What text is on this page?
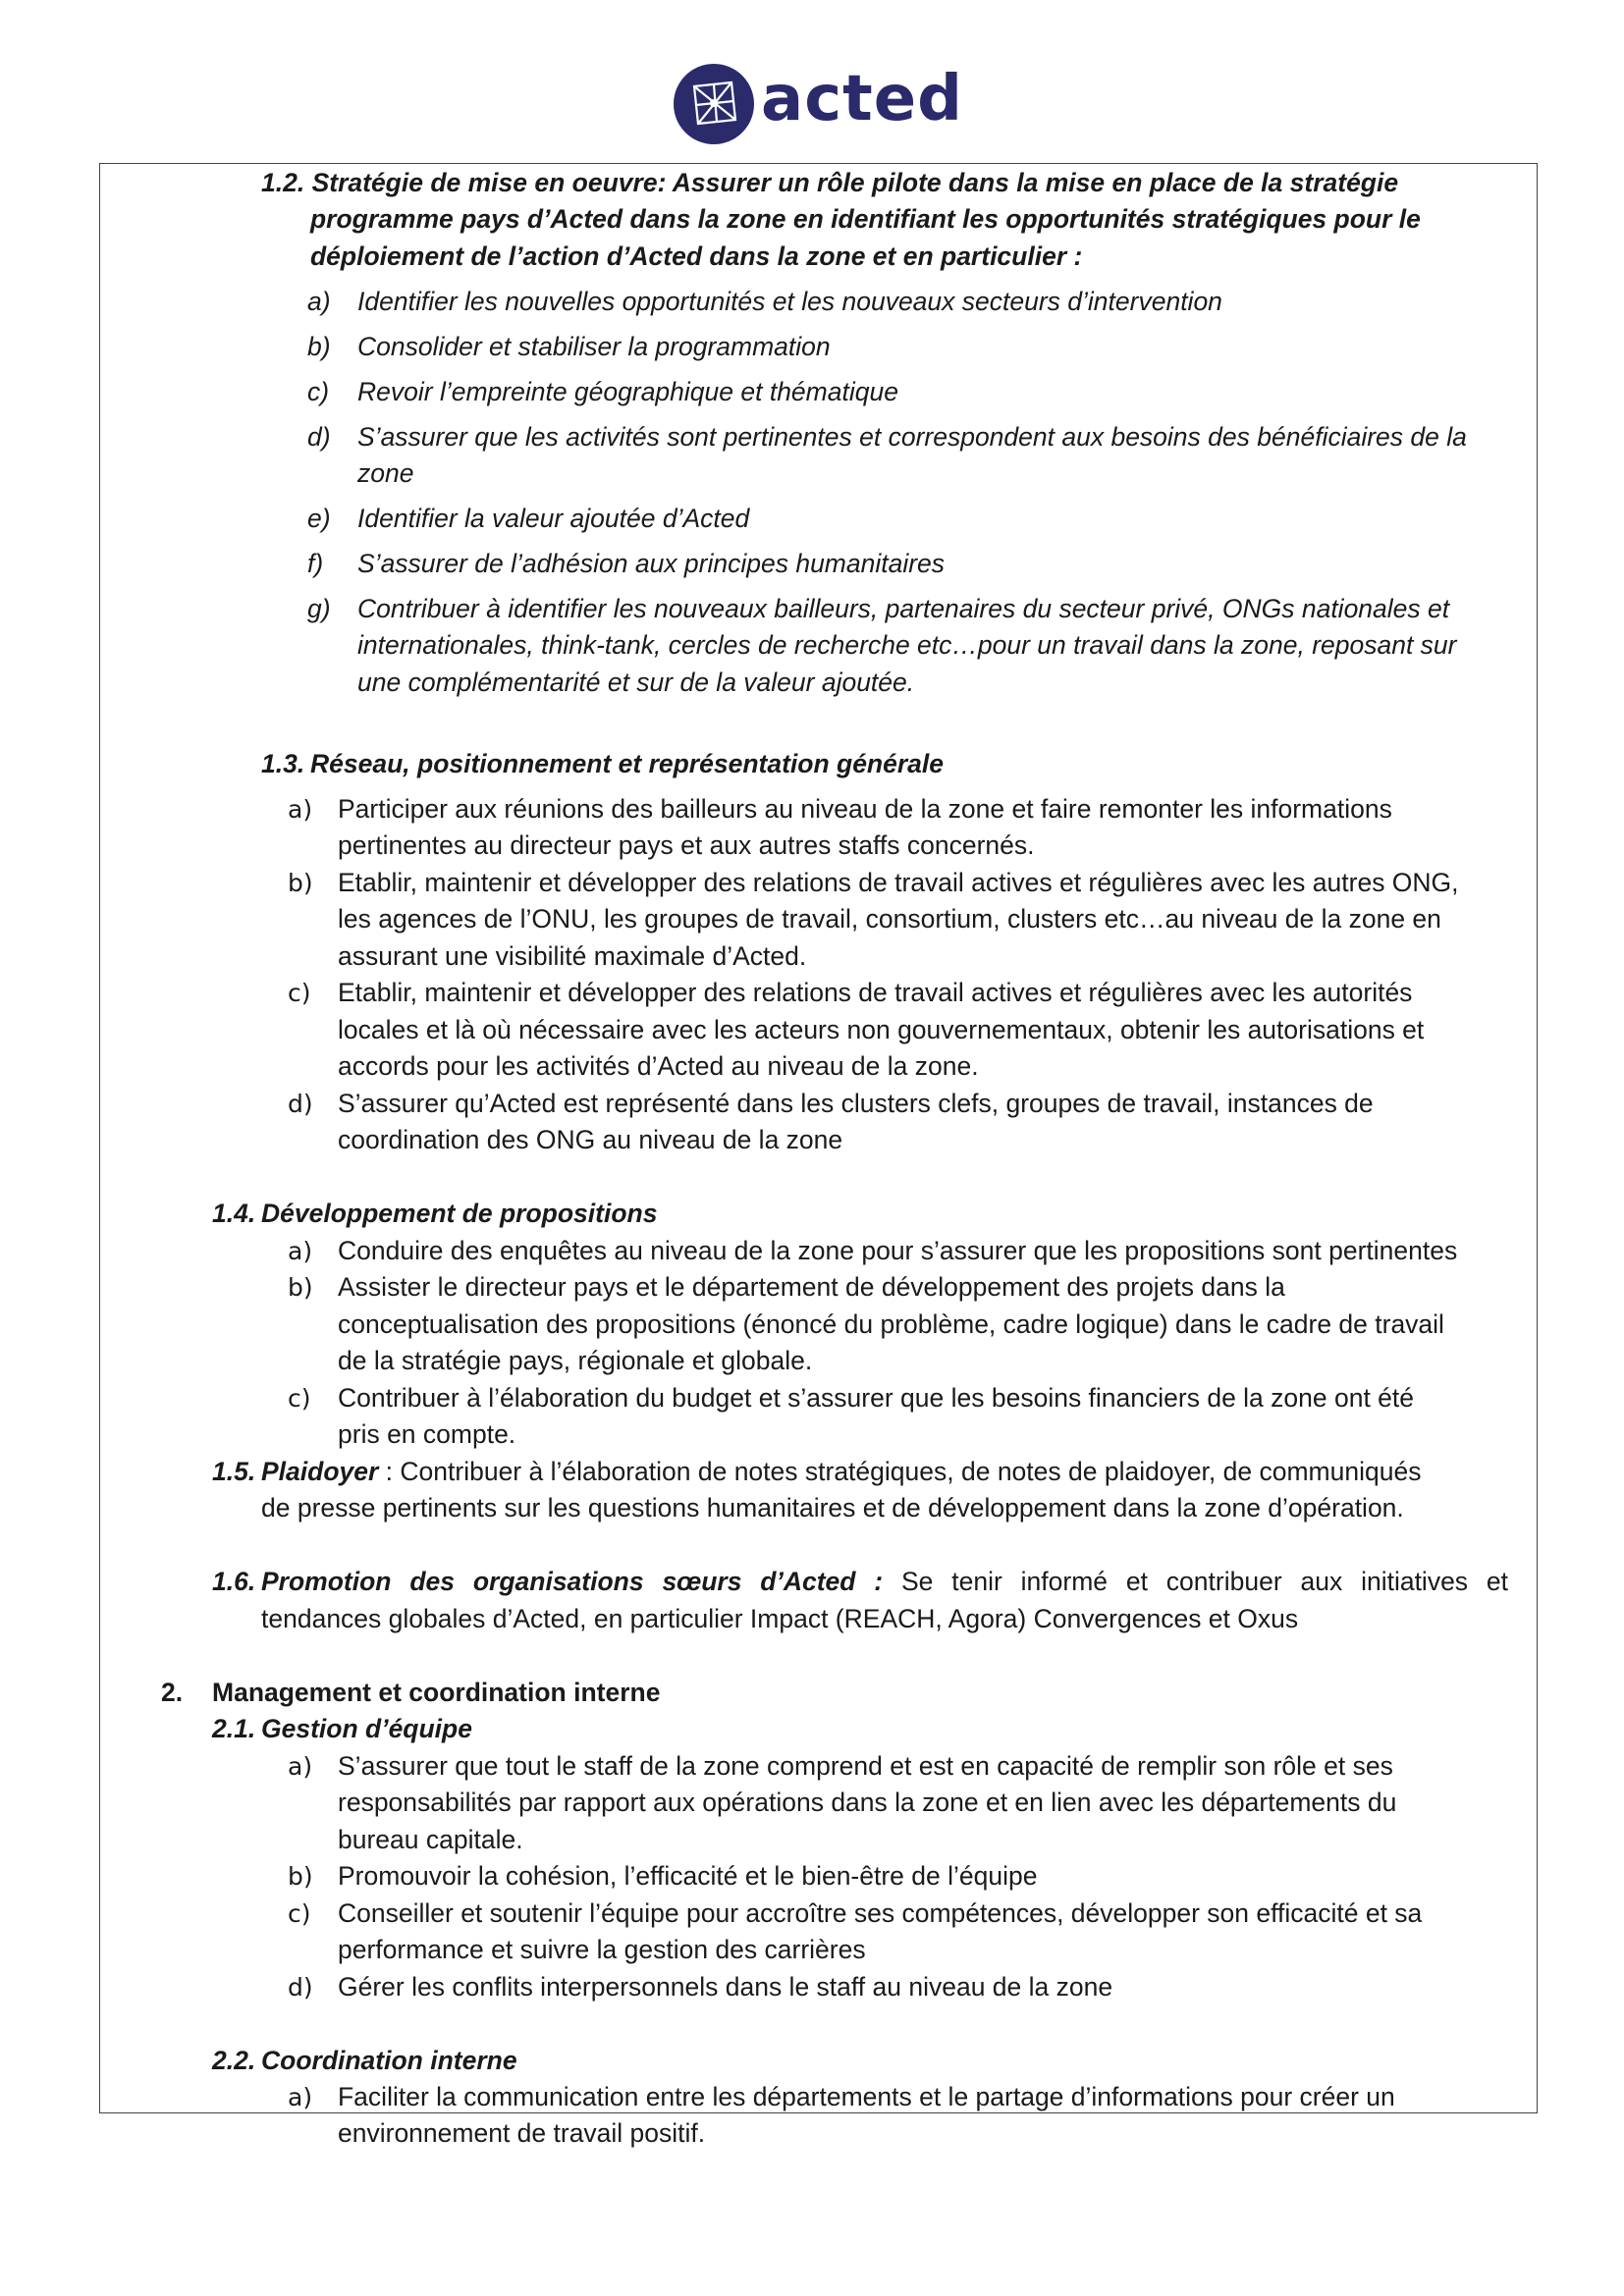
acted
1.2. Stratégie de mise en oeuvre: Assurer un rôle pilote dans la mise en place de la stratégie
programme pays d’Acted dans la zone en identifiant les opportunités stratégiques pour le
déploiement de l’action d’Acted dans la zone et en particulier :
a) Identifier les nouvelles opportunités et les nouveaux secteurs d’intervention
b) Consolider et stabiliser la programmation
c) Revoir l’empreinte géographique et thématique
d) S’assurer que les activités sont pertinentes et correspondent aux besoins des bénéficiaires de la
zone
e) Identifier la valeur ajoutée d’Acted
f) S’assurer de l’adhésion aux principes humanitaires
g) Contribuer à identifier les nouveaux bailleurs, partenaires du secteur privé, ONGs nationales et
internationales, think-tank, cercles de recherche etc…pour un travail dans la zone, reposant sur
une complémentarité et sur de la valeur ajoutée.
1.3. Réseau, positionnement et représentation générale
a) Participer aux réunions des bailleurs au niveau de la zone et faire remonter les informations
pertinentes au directeur pays et aux autres staffs concernés.
b) Etablir, maintenir et développer des relations de travail actives et régulières avec les autres ONG,
les agences de l’ONU, les groupes de travail, consortium, clusters etc…au niveau de la zone en
assurant une visibilité maximale d’Acted.
c) Etablir, maintenir et développer des relations de travail actives et régulières avec les autorités
locales et là où nécessaire avec les acteurs non gouvernementaux, obtenir les autorisations et
accords pour les activités d’Acted au niveau de la zone.
d) S’assurer qu’Acted est représenté dans les clusters clefs, groupes de travail, instances de
coordination des ONG au niveau de la zone
1.4. Développement de propositions
a) Conduire des enquêtes au niveau de la zone pour s’assurer que les propositions sont pertinentes
b) Assister le directeur pays et le département de développement des projets dans la
conceptualisation des propositions (énoncé du problème, cadre logique) dans le cadre de travail
de la stratégie pays, régionale et globale.
c) Contribuer à l’élaboration du budget et s’assurer que les besoins financiers de la zone ont été
pris en compte.
1.5. Plaidoyer : Contribuer à l’élaboration de notes stratégiques, de notes de plaidoyer, de communiqués
de presse pertinents sur les questions humanitaires et de développement dans la zone d’opération.
1.6. Promotion des organisations sœurs d’Acted : Se tenir informé et contribuer aux initiatives et
tendances globales d’Acted, en particulier Impact (REACH, Agora) Convergences et Oxus
2. Management et coordination interne
2.1. Gestion d’équipe
a) S’assurer que tout le staff de la zone comprend et est en capacité de remplir son rôle et ses
responsabilités par rapport aux opérations dans la zone et en lien avec les départements du
bureau capitale.
b) Promouvoir la cohésion, l’efficacité et le bien-être de l’équipe
c) Conseiller et soutenir l’équipe pour accroître ses compétences, développer son efficacité et sa
performance et suivre la gestion des carrières
d) Gérer les conflits interpersonnels dans le staff au niveau de la zone
2.2. Coordination interne
a) Faciliter la communication entre les départements et le partage d’informations pour créer un
environnement de travail positif.
